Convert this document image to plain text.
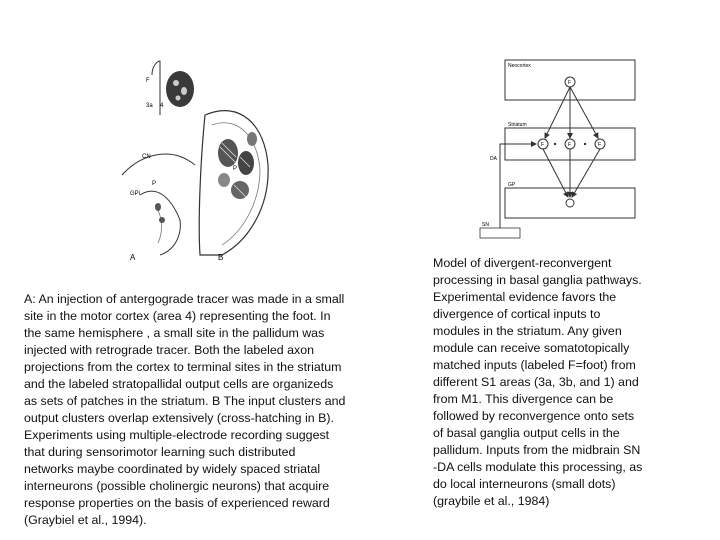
F
3a 4
CN
P
GPi
P
A	B
Neocortex
F
Striatum
F	F	F
GP
SN
DA
A: An injection of antergograde tracer was made in a small
site in the motor cortex (area 4) representing the foot. In
the same hemisphere , a small site in the pallidum was
injected with retrograde tracer. Both the labeled axon
projections from the cortex to terminal sites in the striatum
and the labeled stratopallidal output cells are organizeds
as sets of patches in the striatum. B The input clusters and
output clusters overlap extensively (cross-hatching in B).
Experiments using multiple-electrode recording suggest
that during sensorimotor learning such distributed
networks maybe coordinated by widely spaced striatal
interneurons (possible cholinergic neurons) that acquire
response properties on the basis of experienced reward
(Graybiel et al., 1994).
Model of divergent-reconvergent
processing in basal ganglia pathways.
Experimental evidence favors the
divergence of cortical inputs to
modules in the striatum. Any given
module can receive somatotopically
matched inputs (labeled F=foot) from
different S1 areas (3a, 3b, and 1) and
from M1. This divergence can be
followed by reconvergence onto sets
of basal ganglia output cells in the
pallidum. Inputs from the midbrain SN
-DA cells modulate this processing, as
do local interneurons (small dots)
(graybile et al., 1984)
